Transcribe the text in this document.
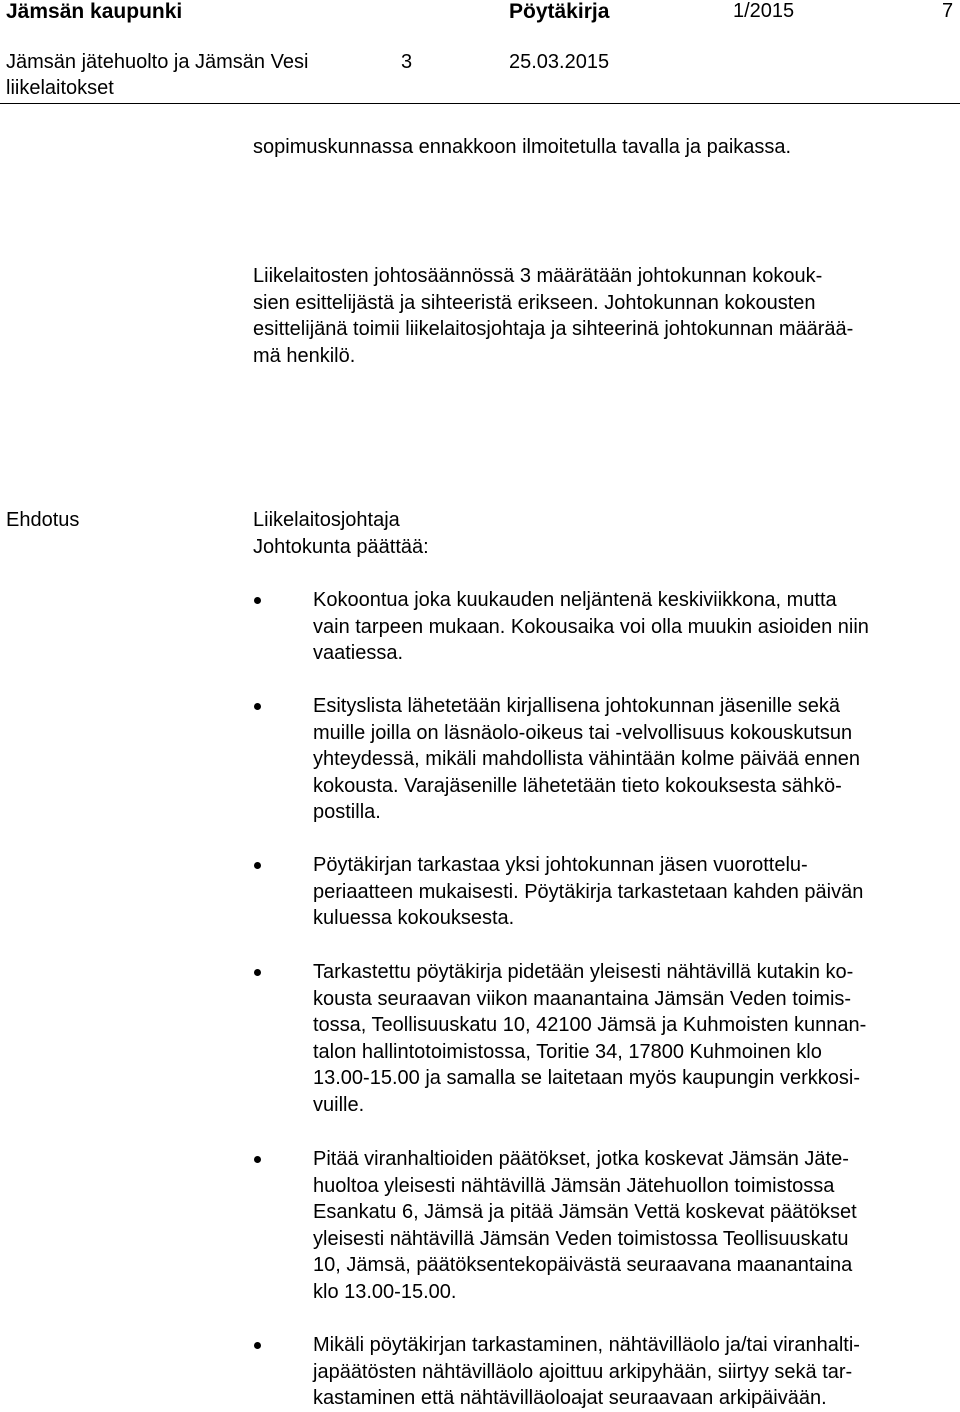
Jämsän kaupunki	Pöytäkirja	1/2015	7
Jämsän jätehuolto ja Jämsän Vesi
liikelaitokset
3	25.03.2015
sopimuskunnassa ennakkoon ilmoitetulla tavalla ja paikassa.
Liikelaitosten johtosäännössä 3 määrätään johtokunnan kokouk-
sien esittelijästä ja sihteeristä erikseen. Johtokunnan kokousten
esittelijänä toimii liikelaitosjohtaja ja sihteerinä johtokunnan määrää-
mä henkilö.
Ehdotus	Liikelaitosjohtaja
Johtokunta päättää:
Kokoontua joka kuukauden neljäntenä keskiviikkona, mutta
vain tarpeen mukaan. Kokousaika voi olla muukin asioiden niin
vaatiessa.
Esityslista lähetetään kirjallisena johtokunnan jäsenille sekä
muille joilla on läsnäolo-oikeus tai -velvollisuus kokouskutsun
yhteydessä, mikäli mahdollista vähintään kolme päivää ennen
kokousta. Varajäsenille lähetetään tieto kokouksesta sähkö-
postilla.
Pöytäkirjan tarkastaa yksi johtokunnan jäsen vuorottelu-
periaatteen mukaisesti. Pöytäkirja tarkastetaan kahden päivän
kuluessa kokouksesta.
Tarkastettu pöytäkirja pidetään yleisesti nähtävillä kutakin ko-
kousta seuraavan viikon maanantaina Jämsän Veden toimis-
tossa, Teollisuuskatu 10, 42100 Jämsä ja Kuhmoisten kunnan-
talon hallintotoimistossa, Toritie 34, 17800 Kuhmoinen klo
13.00-15.00 ja samalla se laitetaan myös kaupungin verkkosi-
vuille.
Pitää viranhaltioiden päätökset, jotka koskevat Jämsän Jäte-
huoltoa yleisesti nähtävillä Jämsän Jätehuollon toimistossa
Esankatu 6, Jämsä ja pitää Jämsän Vettä koskevat päätökset
yleisesti nähtävillä Jämsän Veden toimistossa Teollisuuskatu
10, Jämsä, päätöksentekopäivästä seuraavana maanantaina
klo 13.00-15.00.
Mikäli pöytäkirjan tarkastaminen, nähtävilläolo ja/tai viranhalti-
japäätösten nähtävilläolo ajoittuu arkipyhään, siirtyy sekä tar-
kastaminen että nähtävilläoloajat seuraavaan arkipäivään.
